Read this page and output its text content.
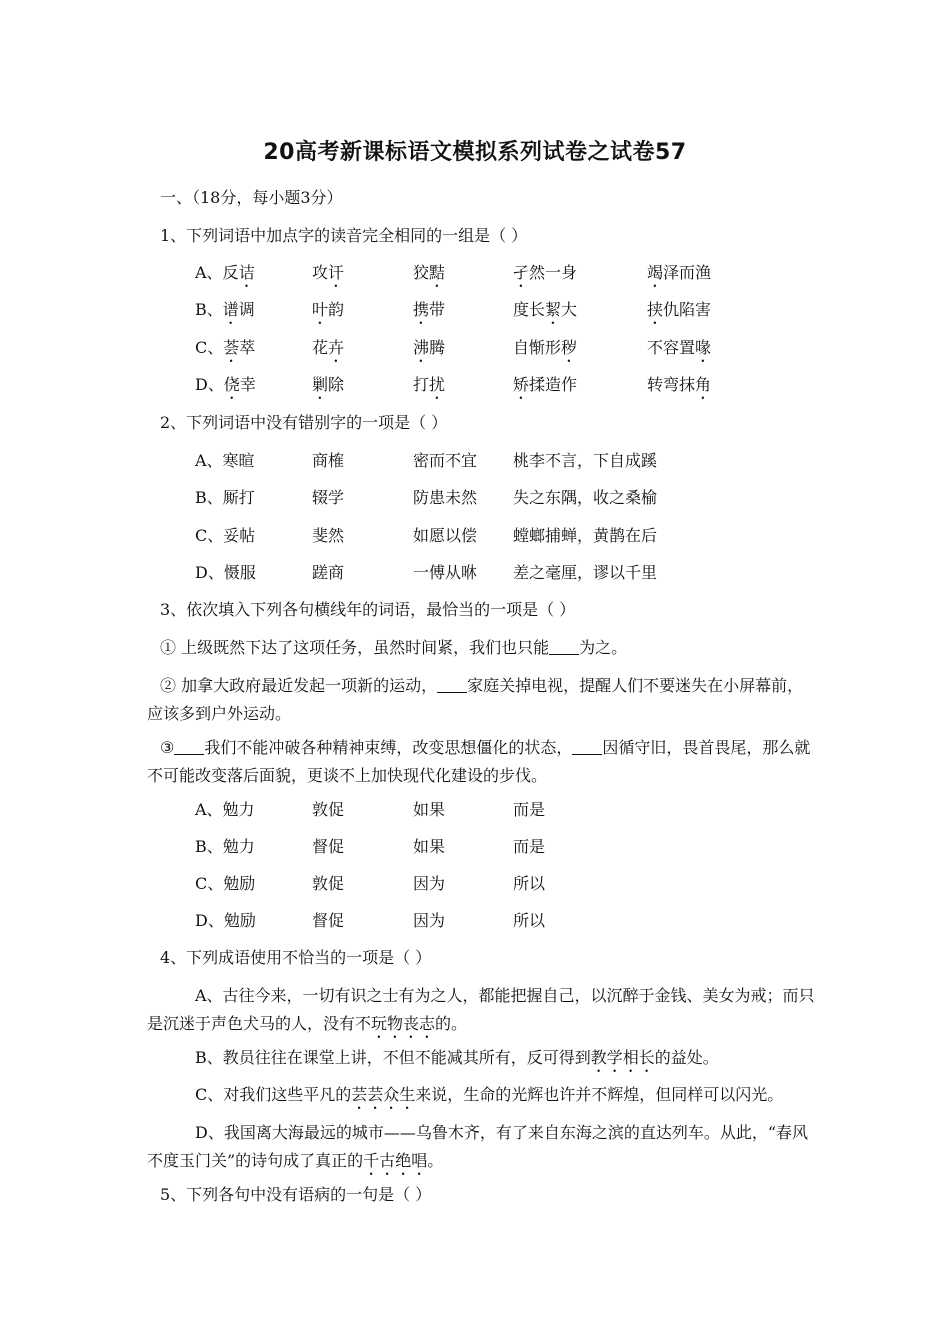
20高考新课标语文模拟系列试卷之试卷57
一、（18分，每小题3分）
1、下列词语中加点字的读音完全相同的一组是（ ）
A、反诘	攻讦	狡黠	孑然一身	竭泽而渔
B、谱调	叶韵	携带	度长絜大	挟仇陷害
C、荟萃	花卉	沸腾	自惭形秽	不容置喙
D、侥幸	剿除	打扰	矫揉造作	转弯抹角
2、下列词语中没有错别字的一项是（ ）
A、寒暄	商榷	密而不宜 桃李不言，下自成蹊
B、厮打	辍学	防患未然 失之东隅，收之桑榆
C、妥帖	斐然	如愿以偿 螳螂捕蝉，黄鹊在后
D、慑服	蹉商	一傅从咻 差之毫厘，谬以千里
3、依次填入下列各句横线年的词语，最恰当的一项是（ ）
① 上级既然下达了这项任务，虽然时间紧，我们也只能 为之。
② 加拿大政府最近发起一项新的运动， 家庭关掉电视，提醒人们不要迷失在小屏幕前，应该多到户外运动。
③ 我们不能冲破各种精神束缚，改变思想僵化的状态， 因循守旧，畏首畏尾，那么就不可能改变落后面貌，更谈不上加快现代化建设的步伐。
A、勉力	敦促	如果	而是
B、勉力	督促	如果	而是
C、勉励	敦促	因为	所以
D、勉励	督促	因为	所以
4、下列成语使用不恰当的一项是（ ）
A、古往今来，一切有识之士有为之人，都能把握自己，以沉醉于金钱、美女为戒；而只是沉迷于声色犬马的人，没有不玩物丧志的。
B、教员往往在课堂上讲，不但不能减其所有，反可得到教学相长的益处。
C、对我们这些平凡的芸芸众生来说，生命的光辉也许并不辉煌，但同样可以闪光。
D、我国离大海最远的城市——乌鲁木齐，有了来自东海之滨的直达列车。从此，“春风不度玉门关”的诗句成了真正的千古绝唱。
5、下列各句中没有语病的一句是（ ）
